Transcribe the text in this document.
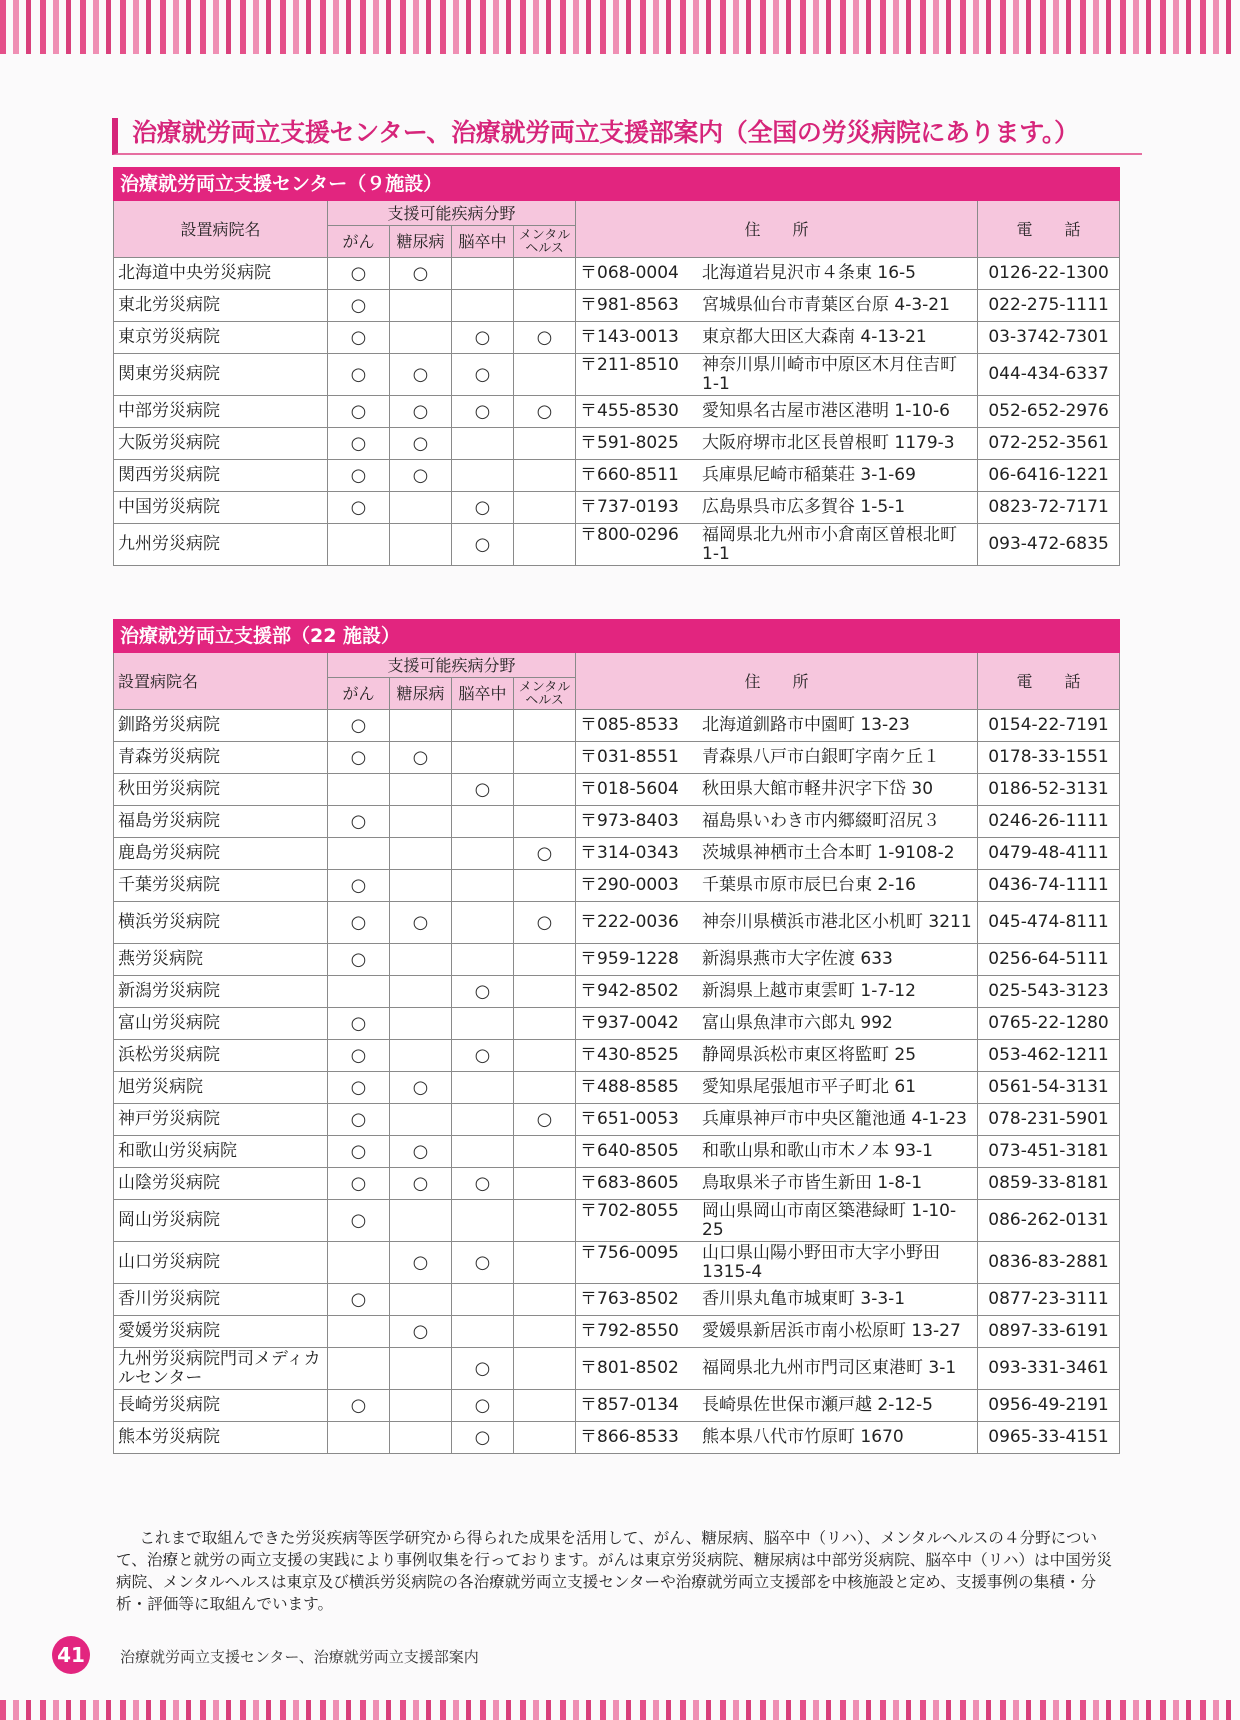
治療就労両立支援センター、治療就労両立支援部案内（全国の労災病院にあります。）
治療就労両立支援センター（９施設）						
設置病院名	支援可能疾病分野				住　　所	電　　話
	がん	糖尿病	脳卒中	メンタル
ヘルス		
北海道中央労災病院	○	○			〒068-0004 北海道岩見沢市４条東 16-5	0126-22-1300
東北労災病院	○				〒981-8563 宮城県仙台市青葉区台原 4-3-21	022-275-1111
東京労災病院	○		○	○	〒143-0013 東京都大田区大森南 4-13-21	03-3742-7301
関東労災病院	○	○	○		〒211-8510 神奈川県川崎市中原区木月住吉町 1-1	044-434-6337
中部労災病院	○	○	○	○	〒455-8530 愛知県名古屋市港区港明 1-10-6	052-652-2976
大阪労災病院	○	○			〒591-8025 大阪府堺市北区長曽根町 1179-3	072-252-3561
関西労災病院	○	○			〒660-8511 兵庫県尼崎市稲葉荘 3-1-69	06-6416-1221
中国労災病院	○		○		〒737-0193 広島県呉市広多賀谷 1-5-1	0823-72-7171
九州労災病院			○		〒800-0296 福岡県北九州市小倉南区曽根北町 1-1	093-472-6835
治療就労両立支援部（22 施設）						
設置病院名	支援可能疾病分野				住　　所	電　　話
	がん	糖尿病	脳卒中	メンタル
ヘルス		
釧路労災病院	○				〒085-8533 北海道釧路市中園町 13-23	0154-22-7191
青森労災病院	○	○			〒031-8551 青森県八戸市白銀町字南ケ丘１	0178-33-1551
秋田労災病院			○		〒018-5604 秋田県大館市軽井沢字下岱 30	0186-52-3131
福島労災病院	○				〒973-8403 福島県いわき市内郷綴町沼尻３	0246-26-1111
鹿島労災病院				○	〒314-0343 茨城県神栖市土合本町 1-9108-2	0479-48-4111
千葉労災病院	○				〒290-0003 千葉県市原市辰巳台東 2-16	0436-74-1111
横浜労災病院	○	○		○	〒222-0036 神奈川県横浜市港北区小机町 3211	045-474-8111
燕労災病院	○				〒959-1228 新潟県燕市大字佐渡 633	0256-64-5111
新潟労災病院			○		〒942-8502 新潟県上越市東雲町 1-7-12	025-543-3123
富山労災病院	○				〒937-0042 富山県魚津市六郎丸 992	0765-22-1280
浜松労災病院	○		○		〒430-8525 静岡県浜松市東区将監町 25	053-462-1211
旭労災病院	○	○			〒488-8585 愛知県尾張旭市平子町北 61	0561-54-3131
神戸労災病院	○			○	〒651-0053 兵庫県神戸市中央区籠池通 4-1-23	078-231-5901
和歌山労災病院	○	○			〒640-8505 和歌山県和歌山市木ノ本 93-1	073-451-3181
山陰労災病院	○	○	○		〒683-8605 鳥取県米子市皆生新田 1-8-1	0859-33-8181
岡山労災病院	○				〒702-8055 岡山県岡山市南区築港緑町 1-10-25	086-262-0131
山口労災病院		○	○		〒756-0095 山口県山陽小野田市大字小野田 1315-4	0836-83-2881
香川労災病院	○				〒763-8502 香川県丸亀市城東町 3-3-1	0877-23-3111
愛媛労災病院		○			〒792-8550 愛媛県新居浜市南小松原町 13-27	0897-33-6191
九州労災病院門司メディカルセンター			○		〒801-8502 福岡県北九州市門司区東港町 3-1	093-331-3461
長崎労災病院	○		○		〒857-0134 長崎県佐世保市瀬戸越 2-12-5	0956-49-2191
熊本労災病院			○		〒866-8533 熊本県八代市竹原町 1670	0965-33-4151

これまで取組んできた労災疾病等医学研究から得られた成果を活用して、がん、糖尿病、脳卒中（リハ）、メンタルヘルスの４分野について、治療と就労の両立支援の実践により事例収集を行っております。がんは東京労災病院、糖尿病は中部労災病院、脳卒中（リハ）は中国労災病院、メンタルヘルスは東京及び横浜労災病院の各治療就労両立支援センターや治療就労両立支援部を中核施設と定め、支援事例の集積・分析・評価等に取組んでいます。

41	治療就労両立支援センター、治療就労両立支援部案内
